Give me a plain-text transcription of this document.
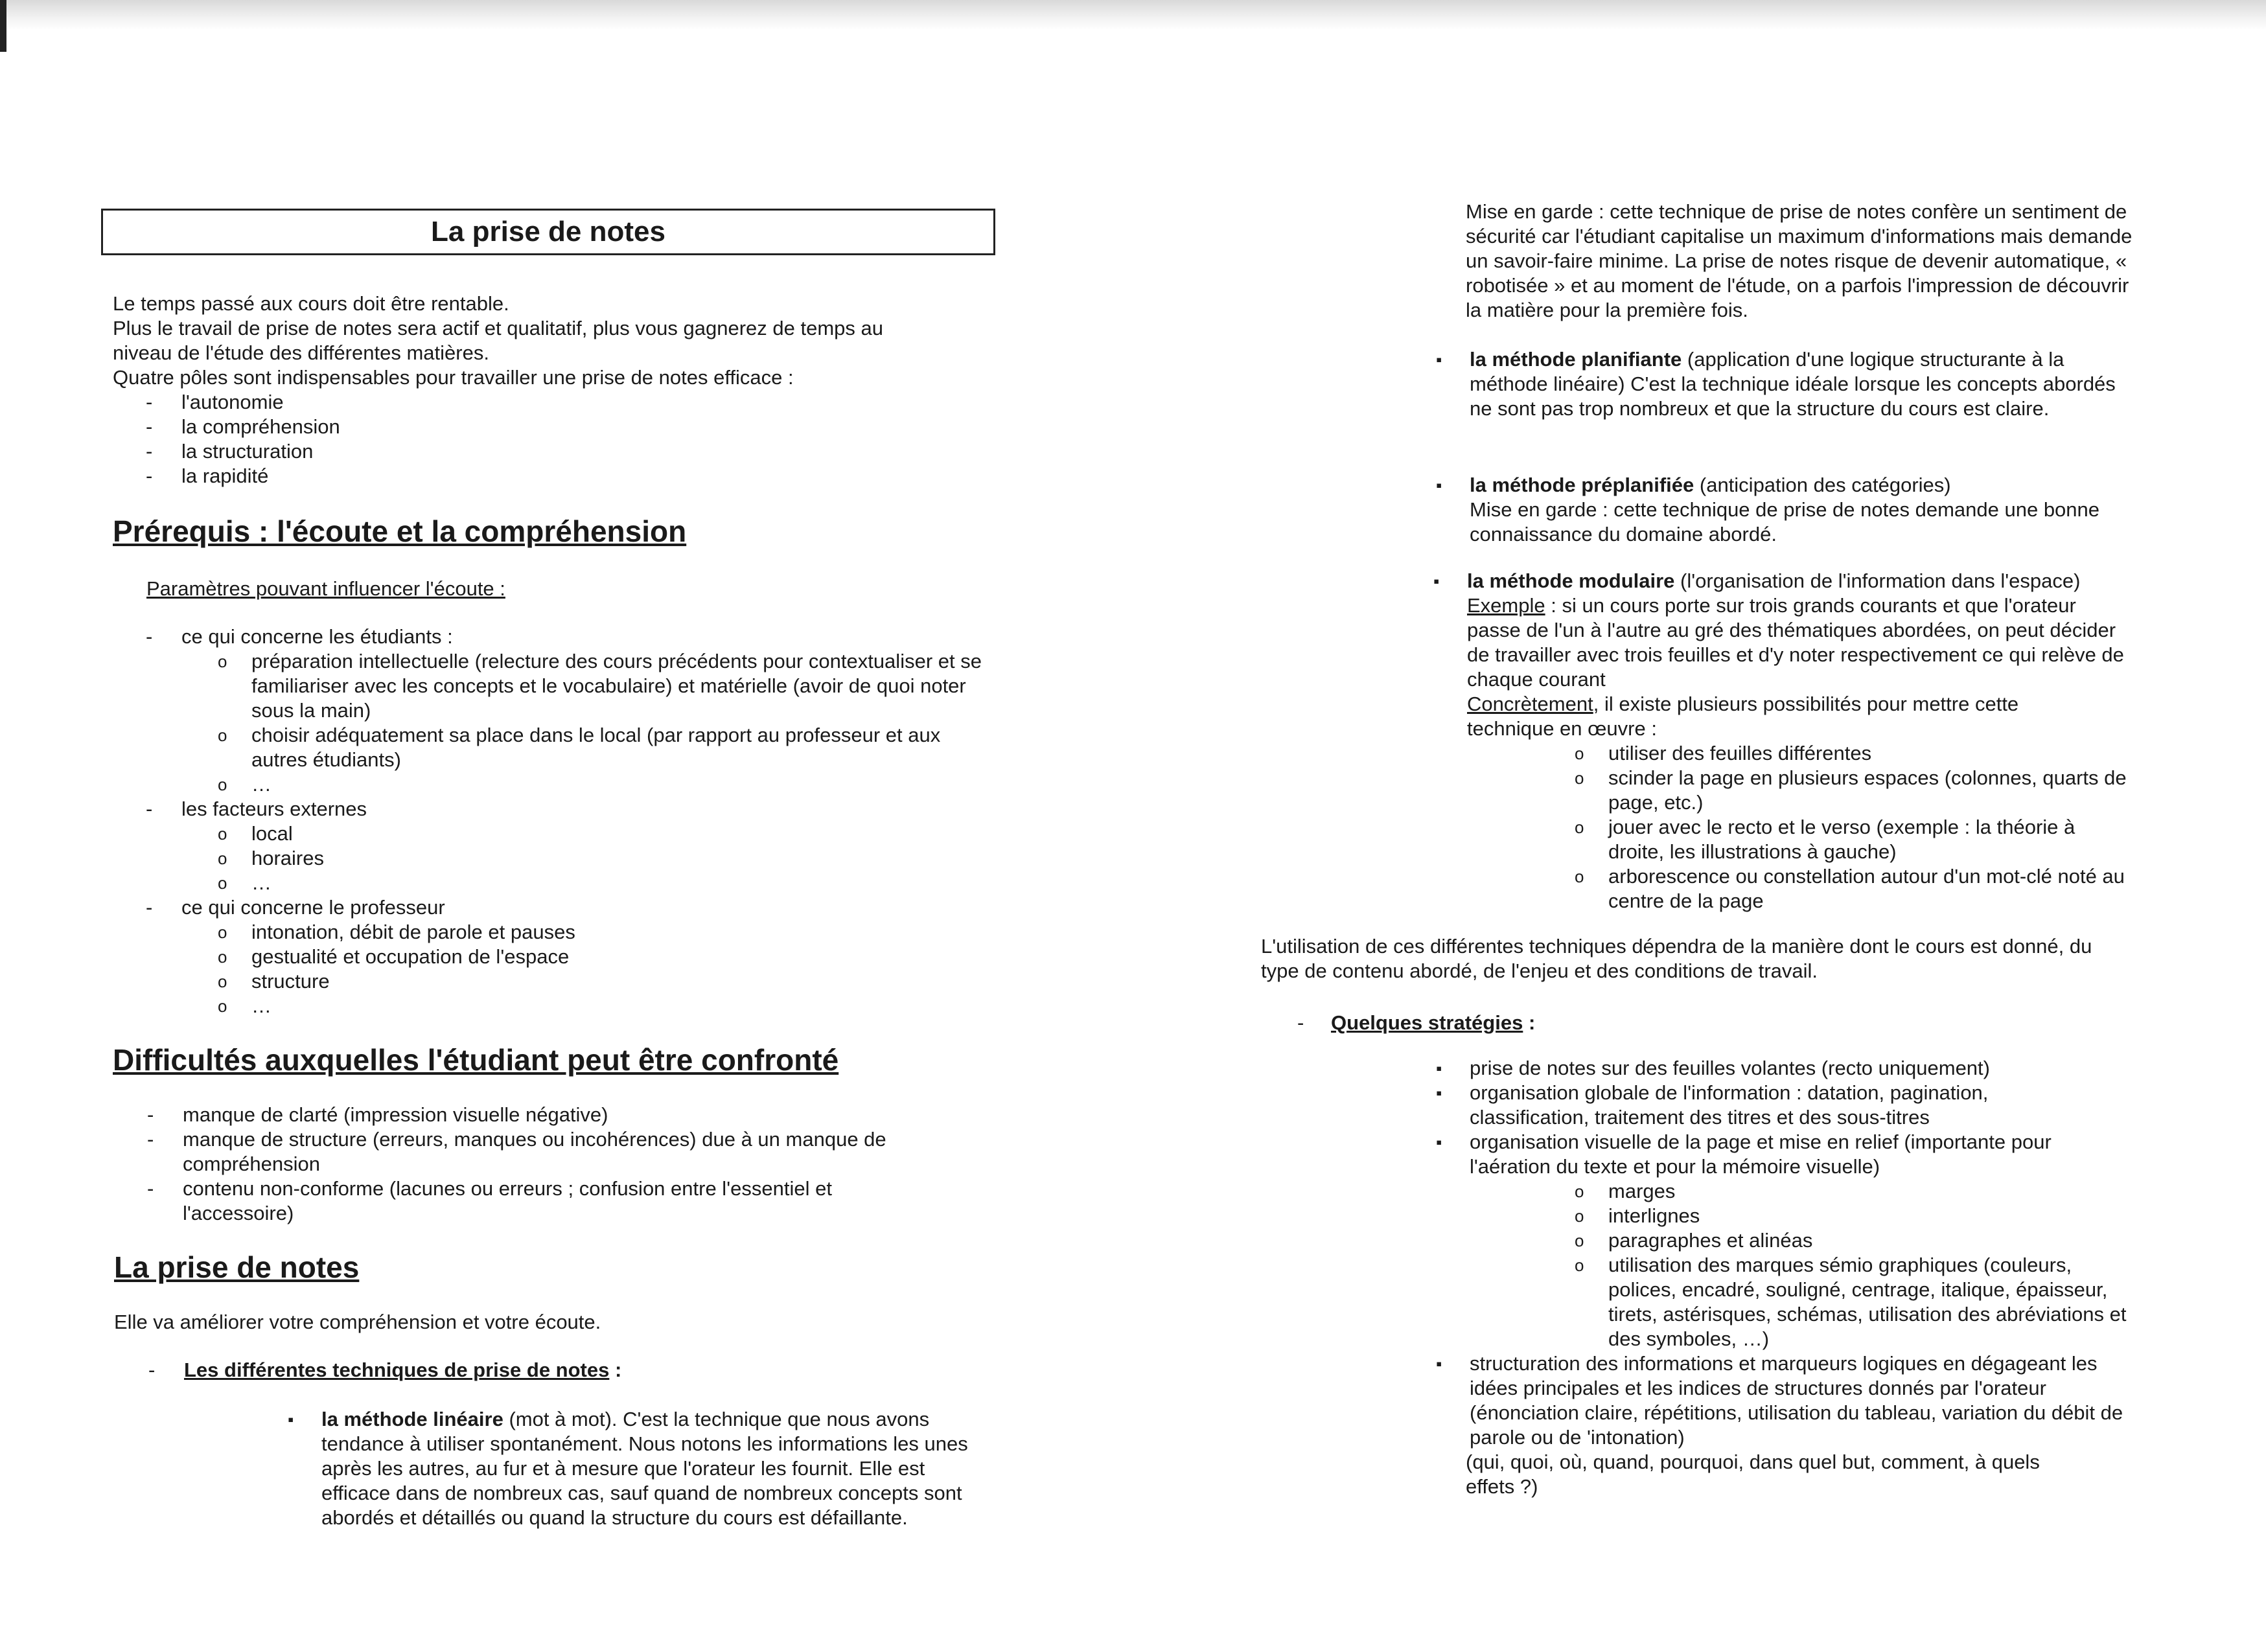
La prise de notes

Le temps passé aux cours doit être rentable.

Plus le travail de prise de notes sera actif et qualitatif, plus vous gagnerez de temps au

niveau de l'étude des différentes matières.

Quatre pôles sont indispensables pour travailler une prise de notes efficace :

- l'autonomie
- la compréhension
- la structuration
- la rapidité
Prérequis : l'écoute et la compréhension
Paramètres pouvant influencer l'écoute :
- ce qui concerne les étudiants :
o préparation intellectuelle (relecture des cours précédents pour contextualiser et se familiariser avec les concepts et le vocabulaire) et matérielle (avoir de quoi noter sous la main)
o choisir adéquatement sa place dans le local (par rapport au professeur et aux autres étudiants)
o …
- les facteurs externes
o local
o horaires
o …
- ce qui concerne le professeur
o intonation, débit de parole et pauses
o gestualité et occupation de l'espace
o structure
o …
Difficultés auxquelles l'étudiant peut être confronté
- manque de clarté (impression visuelle négative)
- manque de structure (erreurs, manques ou incohérences) due à un manque de compréhension
- contenu non-conforme (lacunes ou erreurs ; confusion entre l'essentiel et l'accessoire)
La prise de notes
Elle va améliorer votre compréhension et votre écoute.
- Les différentes techniques de prise de notes :
▪ la méthode linéaire (mot à mot). C'est la technique que nous avons tendance à utiliser spontanément. Nous notons les informations les unes après les autres, au fur et à mesure que l'orateur les fournit. Elle est efficace dans de nombreux cas, sauf quand de nombreux concepts sont abordés et détaillés ou quand la structure du cours est défaillante.
Mise en garde : cette technique de prise de notes confère un sentiment de sécurité car l'étudiant capitalise un maximum d'informations mais demande un savoir-faire minime. La prise de notes risque de devenir automatique, « robotisée » et au moment de l'étude, on a parfois l'impression de découvrir la matière pour la première fois.
▪ la méthode planifiante (application d'une logique structurante à la méthode linéaire) C'est la technique idéale lorsque les concepts abordés ne sont pas trop nombreux et que la structure du cours est claire.
▪ la méthode préplanifiée (anticipation des catégories)

Mise en garde : cette technique de prise de notes demande une bonne connaissance du domaine abordé.

▪ la méthode modulaire (l'organisation de l'information dans l'espace)

Exemple : si un cours porte sur trois grands courants et que l'orateur passe de l'un à l'autre au gré des thématiques abordées, on peut décider de travailler avec trois feuilles et d'y noter respectivement ce qui relève de chaque courant

Concrètement, il existe plusieurs possibilités pour mettre cette technique en œuvre :

o utiliser des feuilles différentes
o scinder la page en plusieurs espaces (colonnes, quarts de page, etc.)
o jouer avec le recto et le verso (exemple : la théorie à droite, les illustrations à gauche)
o arborescence ou constellation autour d'un mot-clé noté au centre de la page
L'utilisation de ces différentes techniques dépendra de la manière dont le cours est donné, du type de contenu abordé, de l'enjeu et des conditions de travail.
- Quelques stratégies :
▪ prise de notes sur des feuilles volantes (recto uniquement)
▪ organisation globale de l'information : datation, pagination, classification, traitement des titres et des sous-titres
▪ organisation visuelle de la page et mise en relief (importante pour l'aération du texte et pour la mémoire visuelle)
o marges
o interlignes
o paragraphes et alinéas
o utilisation des marques sémio graphiques (couleurs, polices, encadré, souligné, centrage, italique, épaisseur, tirets, astérisques, schémas, utilisation des abréviations et des symboles, …)
▪ structuration des informations et marqueurs logiques en dégageant les idées principales et les indices de structures donnés par l'orateur (énonciation claire, répétitions, utilisation du tableau, variation du débit de parole ou de 'intonation)

(qui, quoi, où, quand, pourquoi, dans quel but, comment, à quels effets ?)
